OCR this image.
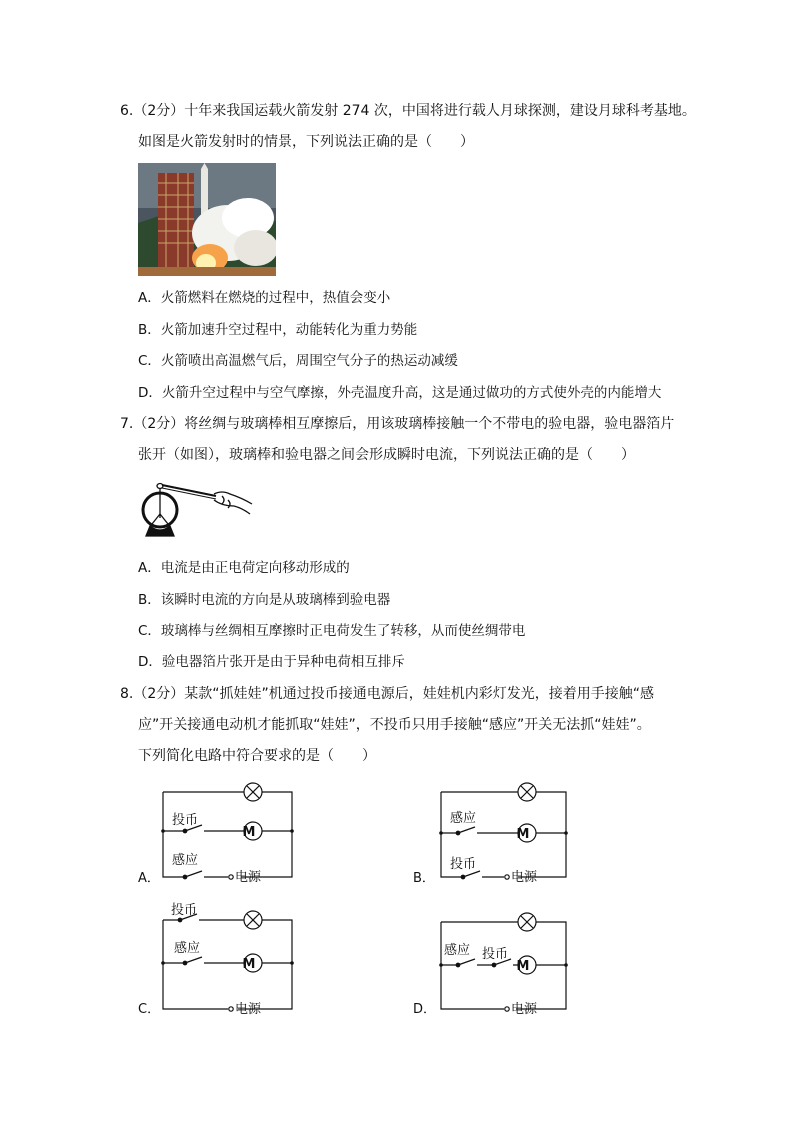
6.（2分）十年来我国运载火箭发射 274 次，中国将进行载人月球探测，建设月球科考基地。
如图是火箭发射时的情景，下列说法正确的是（　　）
A．火箭燃料在燃烧的过程中，热值会变小
B．火箭加速升空过程中，动能转化为重力势能
C．火箭喷出高温燃气后，周围空气分子的热运动减缓
D．火箭升空过程中与空气摩擦，外壳温度升高，这是通过做功的方式使外壳的内能增大
7.（2分）将丝绸与玻璃棒相互摩擦后，用该玻璃棒接触一个不带电的验电器，验电器箔片
张开（如图），玻璃棒和验电器之间会形成瞬时电流，下列说法正确的是（　　）
A．电流是由正电荷定向移动形成的
B．该瞬时电流的方向是从玻璃棒到验电器
C．玻璃棒与丝绸相互摩擦时正电荷发生了转移，从而使丝绸带电
D．验电器箔片张开是由于异种电荷相互排斥
8.（2分）某款“抓娃娃”机通过投币接通电源后，娃娃机内彩灯发光，接着用手接触“感
应”开关接通电动机才能抓取“娃娃”，不投币只用手接触“感应”开关无法抓“娃娃”。
下列简化电路中符合要求的是（　　）
A．	B．
C．	D．
M
投币
感应
电源
M
感应
投币
电源
M
投币
感应
电源
M
感应 投币
电源
